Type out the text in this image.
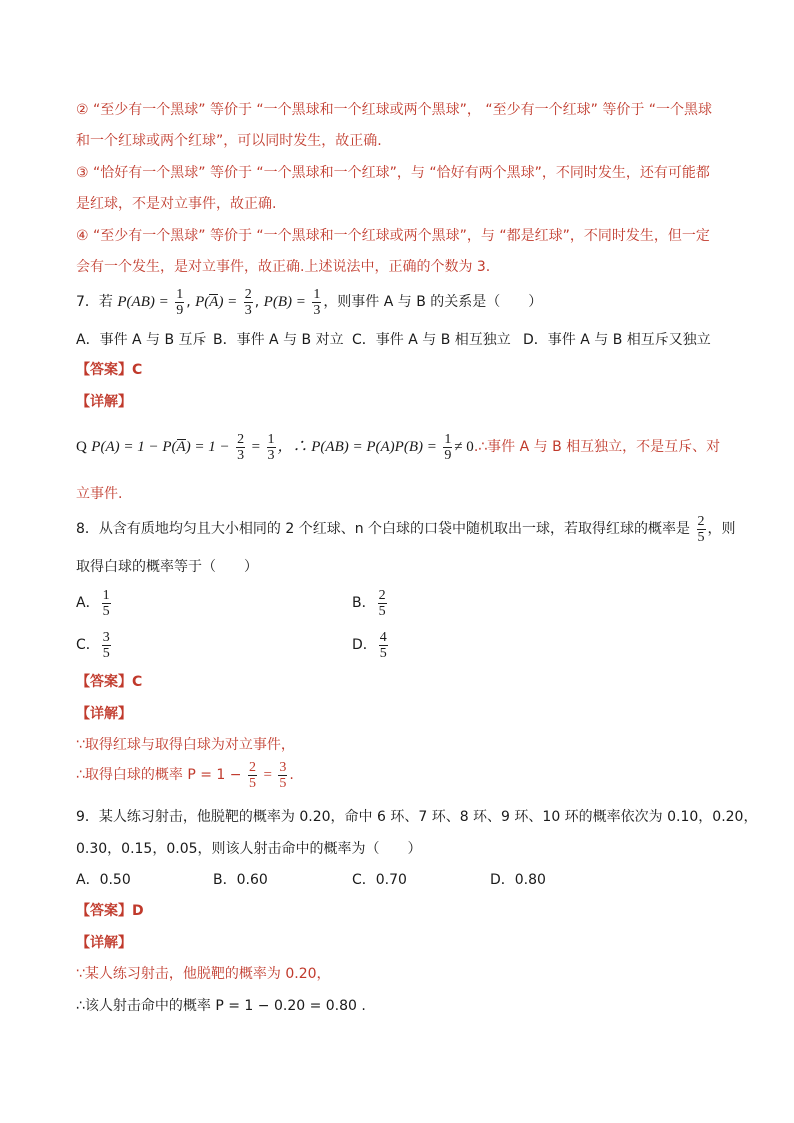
② “至少有一个黑球” 等价于 “一个黑球和一个红球或两个黑球”， “至少有一个红球” 等价于 “一个黑球
和一个红球或两个红球”，可以同时发生，故正确.
③ “恰好有一个黑球” 等价于 “一个黑球和一个红球”，与 “恰好有两个黑球”，不同时发生，还有可能都
是红球，不是对立事件，故正确.
④ “至少有一个黑球” 等价于 “一个黑球和一个红球或两个黑球”，与 “都是红球”，不同时发生，但一定
会有一个发生，是对立事件，故正确.上述说法中，正确的个数为 3.
7．若 $P(AB) = \frac{1}{9}$ , $P(A) = \frac{2}{3}$ , $P(B) = \frac{1}{3}$ ，则事件 A 与 B 的关系是（　　）
A．事件 A 与 B 互斥 B．事件 A 与 B 对立 C．事件 A 与 B 相互独立 D．事件 A 与 B 相互斥又独立
【答案】C
【详解】
Q $P(A) = 1 - P(A) = 1 - \frac{2}{3} = \frac{1}{3}$ ，∴ $P(AB) = P(A)P(B) = \frac{1}{9}$ ≠ 0.∴事件 A 与 B 相互独立，不是互斥、对
立事件.
8．从含有质地均匀且大小相同的 2 个红球、n 个白球的口袋中随机取出一球，若取得红球的概率是 $\frac{2}{5}$ ，则
取得白球的概率等于（　　）
A． $\frac{1}{5}$	B． $\frac{2}{5}$
C． $\frac{3}{5}$	D． $\frac{4}{5}$
【答案】C
【详解】
∵取得红球与取得白球为对立事件，
∴取得白球的概率 $P = 1 - \frac{2}{5} = \frac{3}{5}$ .
9．某人练习射击，他脱靶的概率为 0.20，命中 6 环、7 环、8 环、9 环、10 环的概率依次为 0.10，0.20，
0.30，0.15，0.05，则该人射击命中的概率为（　　）
A．0.50	B．0.60	C．0.70	D．0.80
【答案】D
【详解】
∵某人练习射击，他脱靶的概率为 0.20，
∴该人射击命中的概率 P = 1 − 0.20 = 0.80 .
